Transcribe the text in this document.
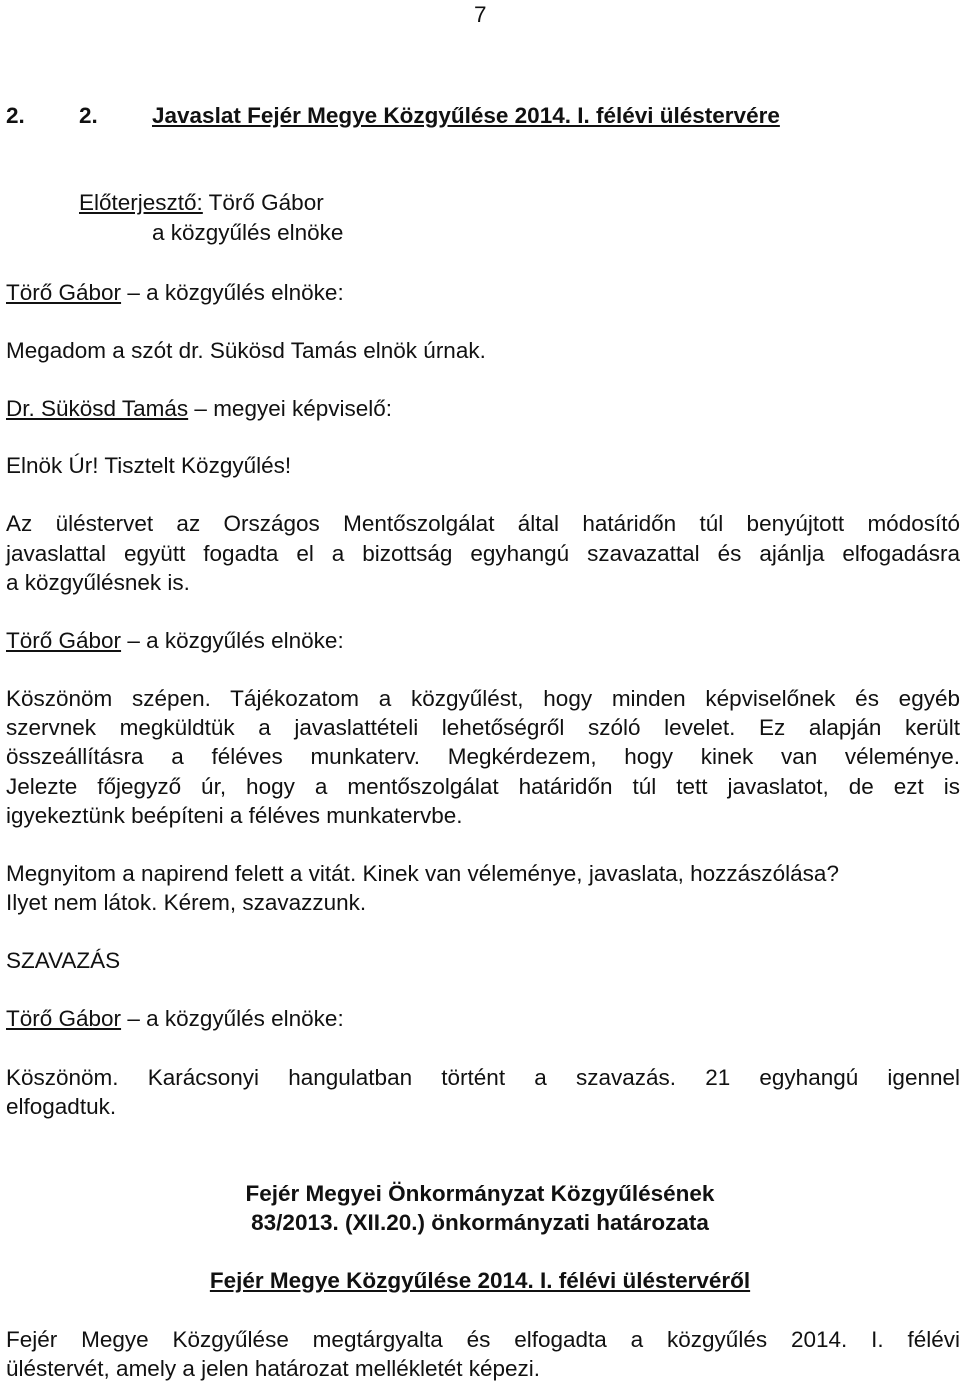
7

2. 2. Javaslat Fejér Megye Közgyűlése 2014. I. félévi üléstervére

Előterjesztő: Törő Gábor

a közgyűlés elnöke

Törő Gábor – a közgyűlés elnöke:

Megadom a szót dr. Sükösd Tamás elnök úrnak.

Dr. Sükösd Tamás – megyei képviselő:

Elnök Úr! Tisztelt Közgyűlés!

Az üléstervet az Országos Mentőszolgálat által határidőn túl benyújtott módosító

javaslattal együtt fogadta el a bizottság egyhangú szavazattal és ajánlja elfogadásra

a közgyűlésnek is.

Törő Gábor – a közgyűlés elnöke:

Köszönöm szépen. Tájékozatom a közgyűlést, hogy minden képviselőnek és egyéb

szervnek megküldtük a javaslattételi lehetőségről szóló levelet. Ez alapján került

összeállításra a féléves munkaterv. Megkérdezem, hogy kinek van véleménye.

Jelezte főjegyző úr, hogy a mentőszolgálat határidőn túl tett javaslatot, de ezt is

igyekeztünk beépíteni a féléves munkatervbe.

Megnyitom a napirend felett a vitát. Kinek van véleménye, javaslata, hozzászólása?

Ilyet nem látok. Kérem, szavazzunk.

SZAVAZÁS

Törő Gábor – a közgyűlés elnöke:

Köszönöm. Karácsonyi hangulatban történt a szavazás. 21 egyhangú igennel

elfogadtuk.

Fejér Megyei Önkormányzat Közgyűlésének

83/2013. (XII.20.) önkormányzati határozata

Fejér Megye Közgyűlése 2014. I. félévi üléstervéről

Fejér Megye Közgyűlése megtárgyalta és elfogadta a közgyűlés 2014. I. félévi

üléstervét, amely a jelen határozat mellékletét képezi.
